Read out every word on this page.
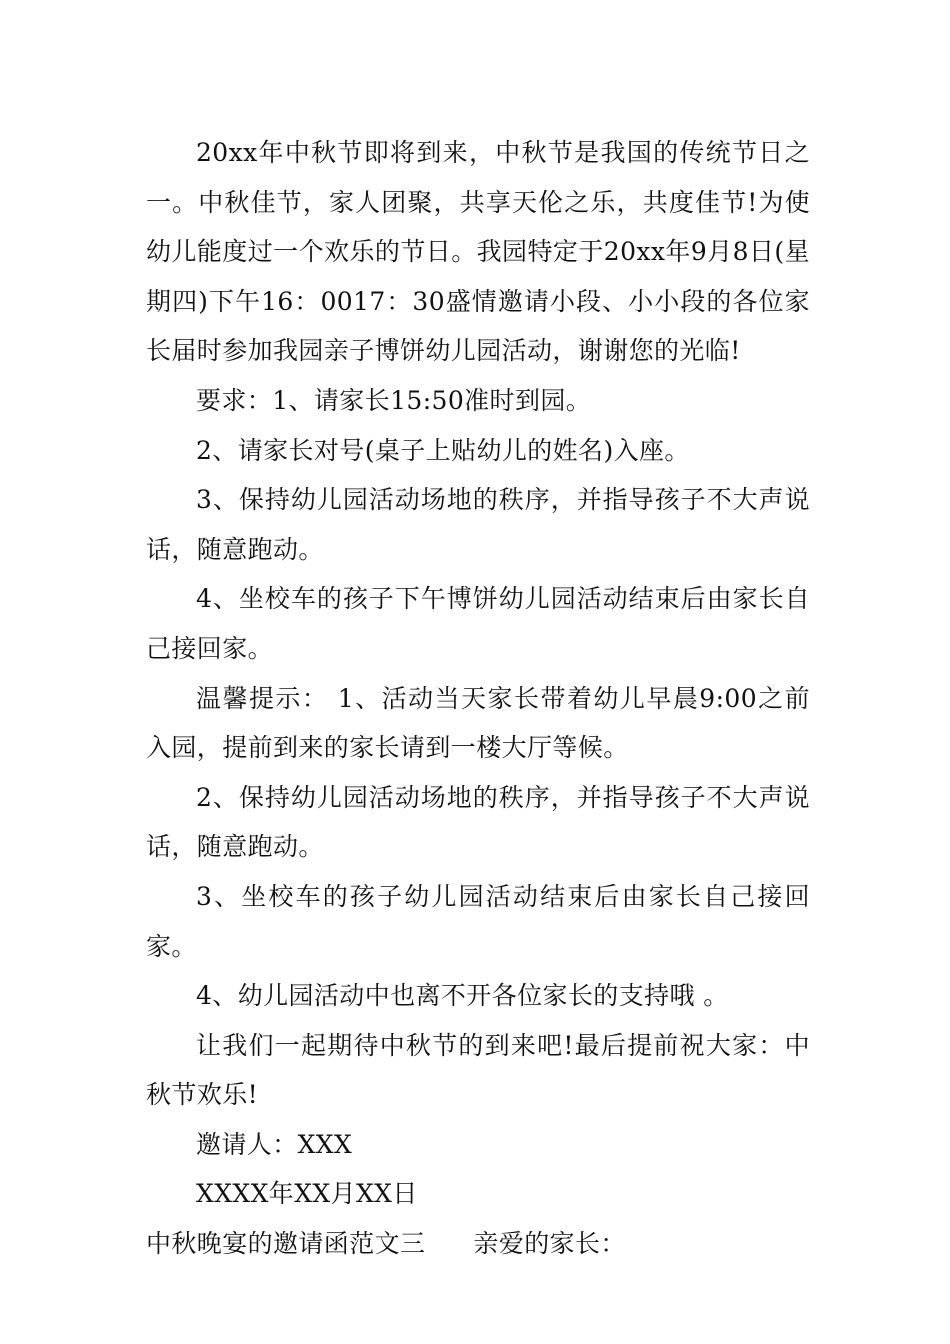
20xx年中秋节即将到来，中秋节是我国的传统节日之一。中秋佳节，家人团聚，共享天伦之乐，共度佳节!为使幼儿能度过一个欢乐的节日。我园特定于20xx年9月8日(星期四)下午16：0017：30盛情邀请小段、小小段的各位家长届时参加我园亲子博饼幼儿园活动，谢谢您的光临!

要求：1、请家长15:50准时到园。

2、请家长对号(桌子上贴幼儿的姓名)入座。

3、保持幼儿园活动场地的秩序，并指导孩子不大声说话，随意跑动。

4、坐校车的孩子下午博饼幼儿园活动结束后由家长自己接回家。

温馨提示： 1、活动当天家长带着幼儿早晨9:00之前入园，提前到来的家长请到一楼大厅等候。

2、保持幼儿园活动场地的秩序，并指导孩子不大声说话，随意跑动。

3、坐校车的孩子幼儿园活动结束后由家长自己接回家。

4、幼儿园活动中也离不开各位家长的支持哦 。

让我们一起期待中秋节的到来吧!最后提前祝大家：中秋节欢乐!

邀请人：XXX

XXXX年XX月XX日

中秋晚宴的邀请函范文三 亲爱的家长：
